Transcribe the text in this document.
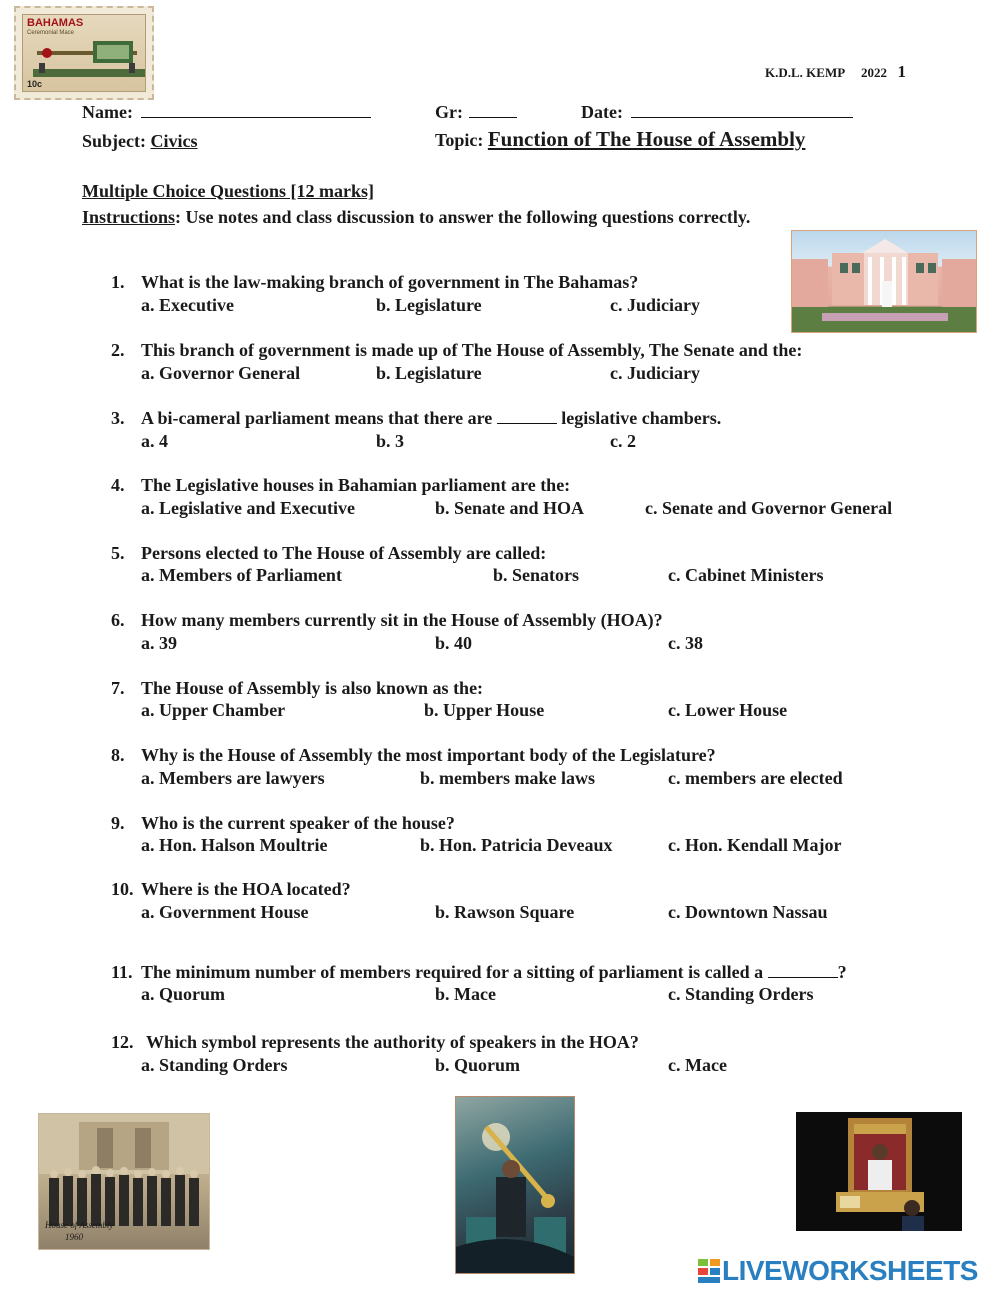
BAHAMAS
Ceremonial Mace
10c
K.D.L. KEMP 2022 1
Name:	Gr:	Date:
Subject: Civics	Topic: Function of The House of Assembly
Multiple Choice Questions [12 marks]
Instructions: Use notes and class discussion to answer the following questions correctly.
1. What is the law-making branch of government in The Bahamas?
a. Executive	b. Legislature	c. Judiciary
2. This branch of government is made up of The House of Assembly, The Senate and the:
a. Governor General	b. Legislature	c. Judiciary
3. A bi-cameral parliament means that there are	legislative chambers.
a. 4	b. 3	c. 2
4. The Legislative houses in Bahamian parliament are the:
a. Legislative and Executive	b. Senate and HOA	c. Senate and Governor General
5. Persons elected to The House of Assembly are called:
a. Members of Parliament	b. Senators	c. Cabinet Ministers
6. How many members currently sit in the House of Assembly (HOA)?
a. 39	b. 40	c. 38
7. The House of Assembly is also known as the:
a. Upper Chamber	b. Upper House	c. Lower House
8. Why is the House of Assembly the most important body of the Legislature?
a. Members are lawyers	b. members make laws	c. members are elected
9. Who is the current speaker of the house?
a. Hon. Halson Moultrie	b. Hon. Patricia Deveaux	c. Hon. Kendall Major
10. Where is the HOA located?
a. Government House	b. Rawson Square	c. Downtown Nassau
11. The minimum number of members required for a sitting of parliament is called a	?
a. Quorum	b. Mace	c. Standing Orders
12. Which symbol represents the authority of speakers in the HOA?
a. Standing Orders	b. Quorum	c. Mace
House of Assembly
1960
LIVEWORKSHEETS
